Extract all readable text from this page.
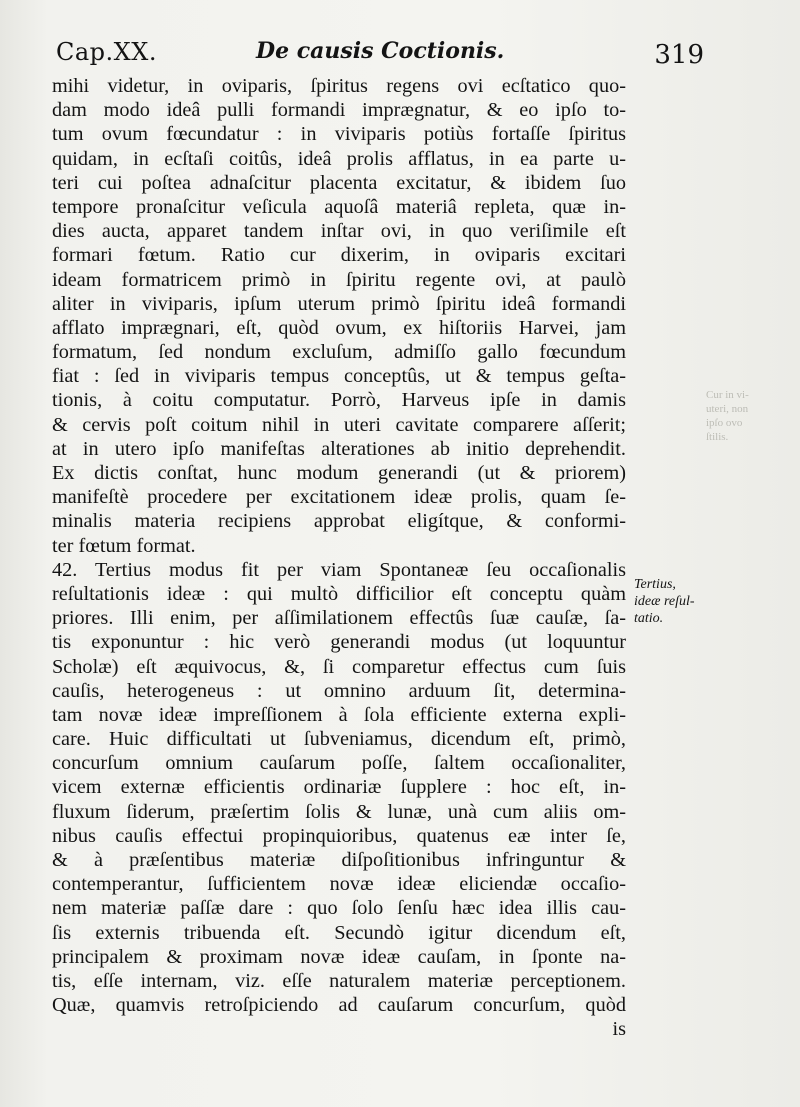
Cap.XX.	De causis Coctionis.	319
mihi videtur, in oviparis, ſpiritus regens ovi ecſtatico quo-
dam modo ideâ pulli formandi imprægnatur, & eo ipſo to-
tum ovum fœcundatur : in viviparis potiùs fortaſſe ſpiritus
quidam, in ecſtaſi coitûs, ideâ prolis afflatus, in ea parte u-
teri cui poſtea adnaſcitur placenta excitatur, & ibidem ſuo
tempore pronaſcitur veſicula aquoſâ materiâ repleta, quæ in-
dies aucta, apparet tandem inſtar ovi, in quo veriſimile eſt
formari fœtum. Ratio cur dixerim, in oviparis excitari
ideam formatricem primò in ſpiritu regente ovi, at paulò
aliter in viviparis, ipſum uterum primò ſpiritu ideâ formandi
afflato imprægnari, eſt, quòd ovum, ex hiſtoriis Harvei, jam
formatum, ſed nondum excluſum, admiſſo gallo fœcundum
fiat : ſed in viviparis tempus conceptûs, ut & tempus geſta-
tionis, à coitu computatur. Porrò, Harveus ipſe in damis
& cervis poſt coitum nihil in uteri cavitate comparere aſſerit;
at in utero ipſo manifeſtas alterationes ab initio deprehendit.
Ex dictis conſtat, hunc modum generandi (ut & priorem)
manifeſtè procedere per excitationem ideæ prolis, quam ſe-
minalis materia recipiens approbat eligítque, & conformi-
ter fœtum format.
42. Tertius modus fit per viam Spontaneæ ſeu occaſionalis
reſultationis ideæ : qui multò difficilior eſt conceptu quàm
priores. Illi enim, per aſſimilationem effectûs ſuæ cauſæ, ſa-
tis exponuntur : hic verò generandi modus (ut loquuntur
Scholæ) eſt æquivocus, &, ſi comparetur effectus cum ſuis
cauſis, heterogeneus : ut omnino arduum ſit, determina-
tam novæ ideæ impreſſionem à ſola efficiente externa expli-
care. Huic difficultati ut ſubveniamus, dicendum eſt, primò,
concurſum omnium cauſarum poſſe, ſaltem occaſionaliter,
vicem externæ efficientis ordinariæ ſupplere : hoc eſt, in-
fluxum ſiderum, præſertim ſolis & lunæ, unà cum aliis om-
nibus cauſis effectui propinquioribus, quatenus eæ inter ſe,
& à præſentibus materiæ diſpoſitionibus infringuntur &
contemperantur, ſufficientem novæ ideæ eliciendæ occaſio-
nem materiæ paſſæ dare : quo ſolo ſenſu hæc idea illis cau-
ſis externis tribuenda eſt. Secundò igitur dicendum eſt,
principalem & proximam novæ ideæ cauſam, in ſponte na-
tis, eſſe internam, viz. eſſe naturalem materiæ perceptionem.
Quæ, quamvis retroſpiciendo ad cauſarum concurſum, quòd
is
Tertius,
ideæ reſul-
tatio.
Cur in vi-
uteri, non
ipſo ovo
ſtilis.
